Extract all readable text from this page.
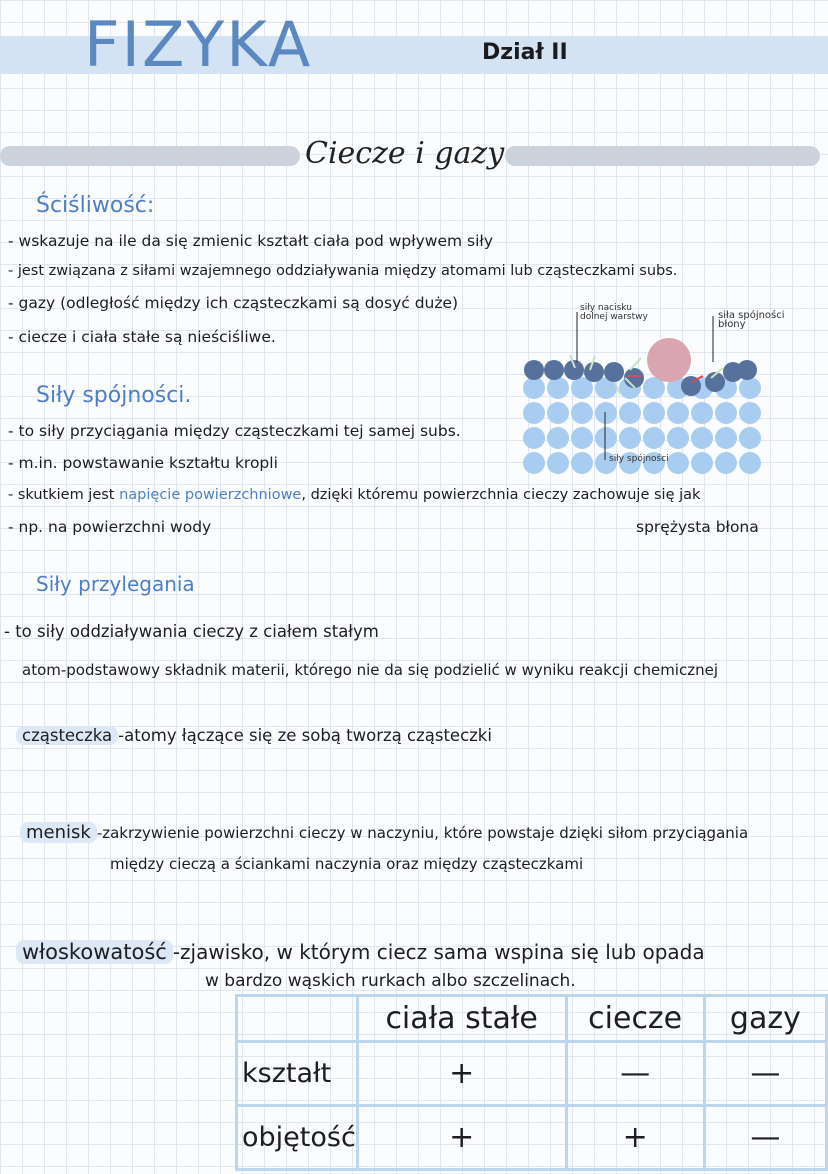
FIZYKA	Dział II
Ciecze i gazy
Ściśliwość:
- wskazuje na ile da się zmienic kształt ciała pod wpływem siły
- jest związana z siłami wzajemnego oddziaływania między atomami lub cząsteczkami subs.
- gazy (odległość między ich cząsteczkami są dosyć duże)
- ciecze i ciała stałe są nieściśliwe.
siły nacisku dolnej warstwy	siła spójności błony
siły spójności
Siły spójności.
- to siły przyciągania między cząsteczkami tej samej subs.
- m.in. powstawanie kształtu kropli
- skutkiem jest napięcie powierzchniowe, dzięki któremu powierzchnia cieczy zachowuje się jak
- np. na powierzchni wody	sprężysta błona
Siły przylegania
- to siły oddziaływania cieczy z ciałem stałym
atom-podstawowy składnik materii, którego nie da się podzielić w wyniku reakcji chemicznej
cząsteczka -atomy łączące się ze sobą tworzą cząsteczki
menisk -zakrzywienie powierzchni cieczy w naczyniu, które powstaje dzięki siłom przyciągania
między cieczą a ściankami naczynia oraz między cząsteczkami
włoskowatość -zjawisko, w którym ciecz sama wspina się lub opada
w bardzo wąskich rurkach albo szczelinach.
	ciała stałe	ciecze	gazy
kształt	+	—	—
objętość	+	+	—
